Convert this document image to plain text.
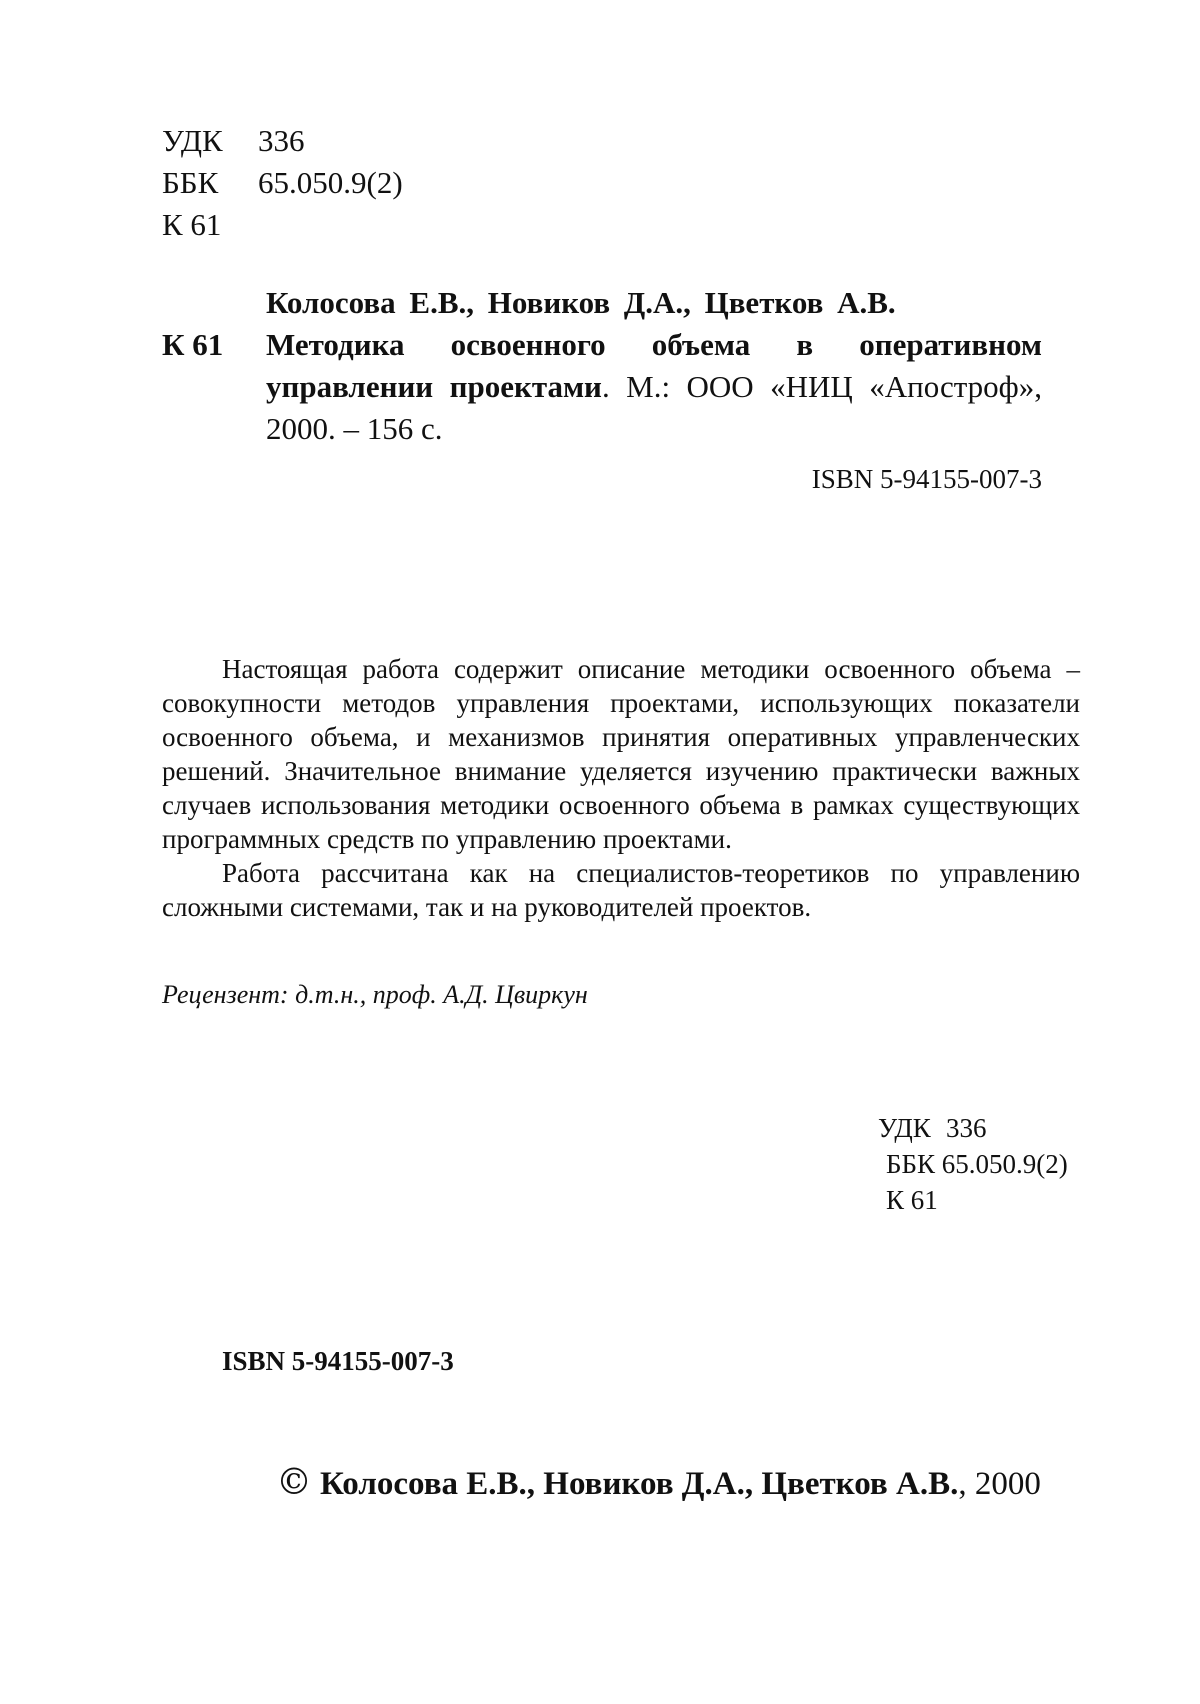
УДК	336
ББК	65.050.9(2)
К 61
Колосова Е.В., Новиков Д.А., Цветков А.В.
К 61	Методика освоенного объема в оперативном управлении проектами. М.: ООО «НИЦ «Апостроф», 2000. – 156 с.
ISBN 5-94155-007-3

Настоящая работа содержит описание методики освоенного объема – совокупности методов управления проектами, использующих показатели освоенного объема, и механизмов принятия оперативных управленческих решений. Значительное внимание уделяется изучению практически важных случаев использования методики освоенного объема в рамках существующих программных средств по управлению проектами.

Работа рассчитана как на специалистов-теоретиков по управлению сложными системами, так и на руководителей проектов.

Рецензент: д.т.н., проф. А.Д. Цвиркун
УДК 336
ББК 65.050.9(2)
К 61
ISBN 5-94155-007-3
© Колосова Е.В., Новиков Д.А., Цветков А.В., 2000
